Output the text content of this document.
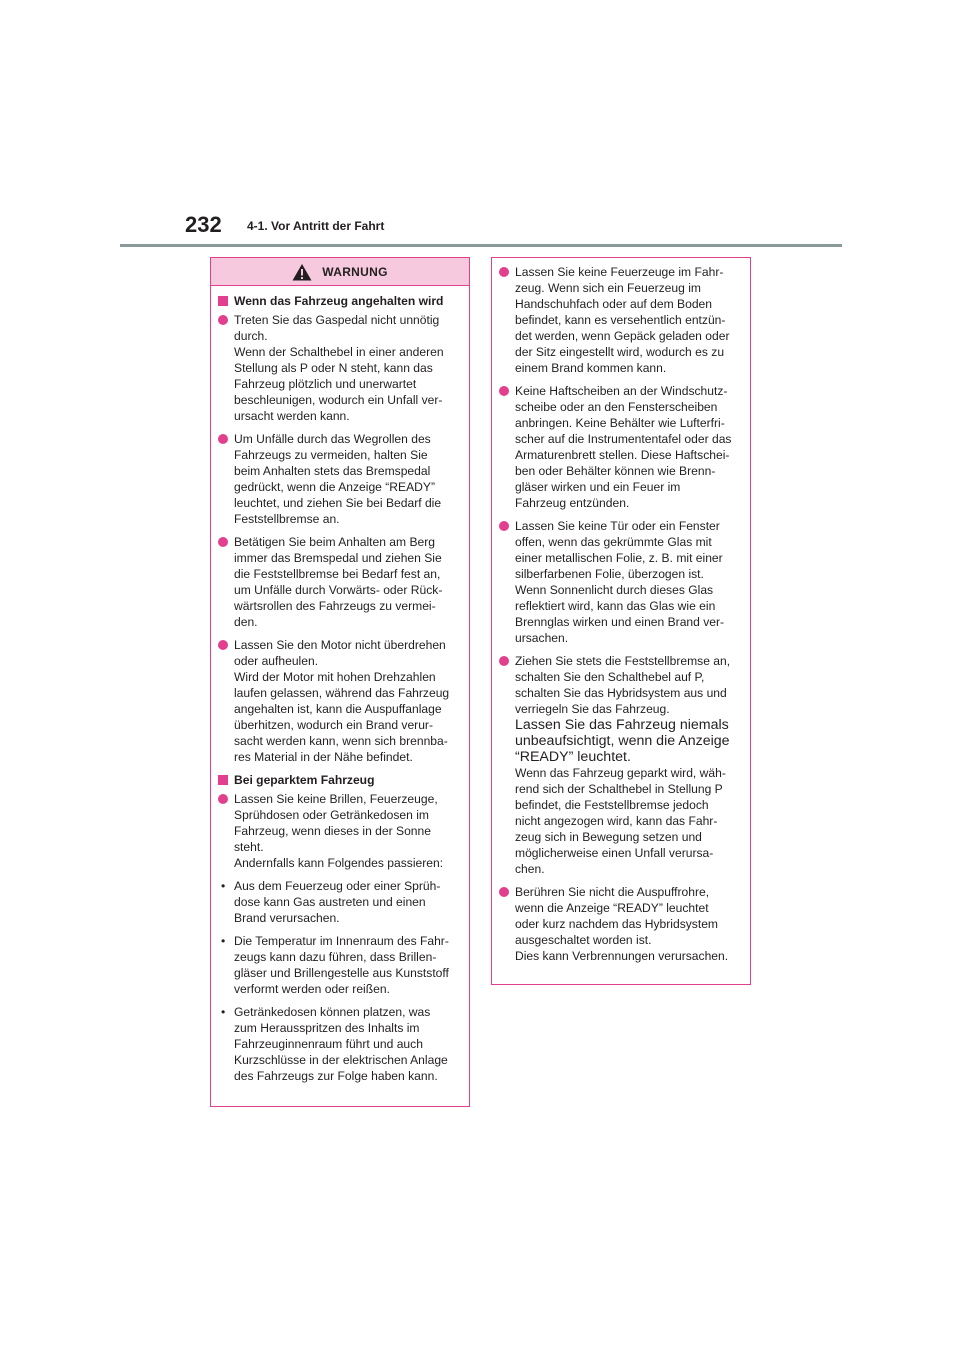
232 4-1. Vor Antritt der Fahrt
WARNUNG
Wenn das Fahrzeug angehalten wird
Treten Sie das Gaspedal nicht unnötig
durch.
Wenn der Schalthebel in einer anderen
Stellung als P oder N steht, kann das
Fahrzeug plötzlich und unerwartet
beschleunigen, wodurch ein Unfall ver-
ursacht werden kann.
Um Unfälle durch das Wegrollen des
Fahrzeugs zu vermeiden, halten Sie
beim Anhalten stets das Bremspedal
gedrückt, wenn die Anzeige “READY”
leuchtet, und ziehen Sie bei Bedarf die
Feststellbremse an.
Betätigen Sie beim Anhalten am Berg
immer das Bremspedal und ziehen Sie
die Feststellbremse bei Bedarf fest an,
um Unfälle durch Vorwärts- oder Rück-
wärtsrollen des Fahrzeugs zu vermei-
den.
Lassen Sie den Motor nicht überdrehen
oder aufheulen.
Wird der Motor mit hohen Drehzahlen
laufen gelassen, während das Fahrzeug
angehalten ist, kann die Auspuffanlage
überhitzen, wodurch ein Brand verur-
sacht werden kann, wenn sich brennba-
res Material in der Nähe befindet.
Bei geparktem Fahrzeug
Lassen Sie keine Brillen, Feuerzeuge,
Sprühdosen oder Getränkedosen im
Fahrzeug, wenn dieses in der Sonne
steht.
Andernfalls kann Folgendes passieren:
• Aus dem Feuerzeug oder einer Sprüh-
dose kann Gas austreten und einen
Brand verursachen.
• Die Temperatur im Innenraum des Fahr-
zeugs kann dazu führen, dass Brillen-
gläser und Brillengestelle aus Kunststoff
verformt werden oder reißen.
• Getränkedosen können platzen, was
zum Herausspritzen des Inhalts im
Fahrzeuginnenraum führt und auch
Kurzschlüsse in der elektrischen Anlage
des Fahrzeugs zur Folge haben kann.
Lassen Sie keine Feuerzeuge im Fahr-
zeug. Wenn sich ein Feuerzeug im
Handschuhfach oder auf dem Boden
befindet, kann es versehentlich entzün-
det werden, wenn Gepäck geladen oder
der Sitz eingestellt wird, wodurch es zu
einem Brand kommen kann.
Keine Haftscheiben an der Windschutz-
scheibe oder an den Fensterscheiben
anbringen. Keine Behälter wie Lufterfri-
scher auf die Instrumententafel oder das
Armaturenbrett stellen. Diese Haftschei-
ben oder Behälter können wie Brenn-
gläser wirken und ein Feuer im
Fahrzeug entzünden.
Lassen Sie keine Tür oder ein Fenster
offen, wenn das gekrümmte Glas mit
einer metallischen Folie, z. B. mit einer
silberfarbenen Folie, überzogen ist.
Wenn Sonnenlicht durch dieses Glas
reflektiert wird, kann das Glas wie ein
Brennglas wirken und einen Brand ver-
ursachen.
Ziehen Sie stets die Feststellbremse an,
schalten Sie den Schalthebel auf P,
schalten Sie das Hybridsystem aus und
verriegeln Sie das Fahrzeug.
Lassen Sie das Fahrzeug niemals
unbeaufsichtigt, wenn die Anzeige
“READY” leuchtet.
Wenn das Fahrzeug geparkt wird, wäh-
rend sich der Schalthebel in Stellung P
befindet, die Feststellbremse jedoch
nicht angezogen wird, kann das Fahr-
zeug sich in Bewegung setzen und
möglicherweise einen Unfall verursa-
chen.
Berühren Sie nicht die Auspuffrohre,
wenn die Anzeige “READY” leuchtet
oder kurz nachdem das Hybridsystem
ausgeschaltet worden ist.
Dies kann Verbrennungen verursachen.
